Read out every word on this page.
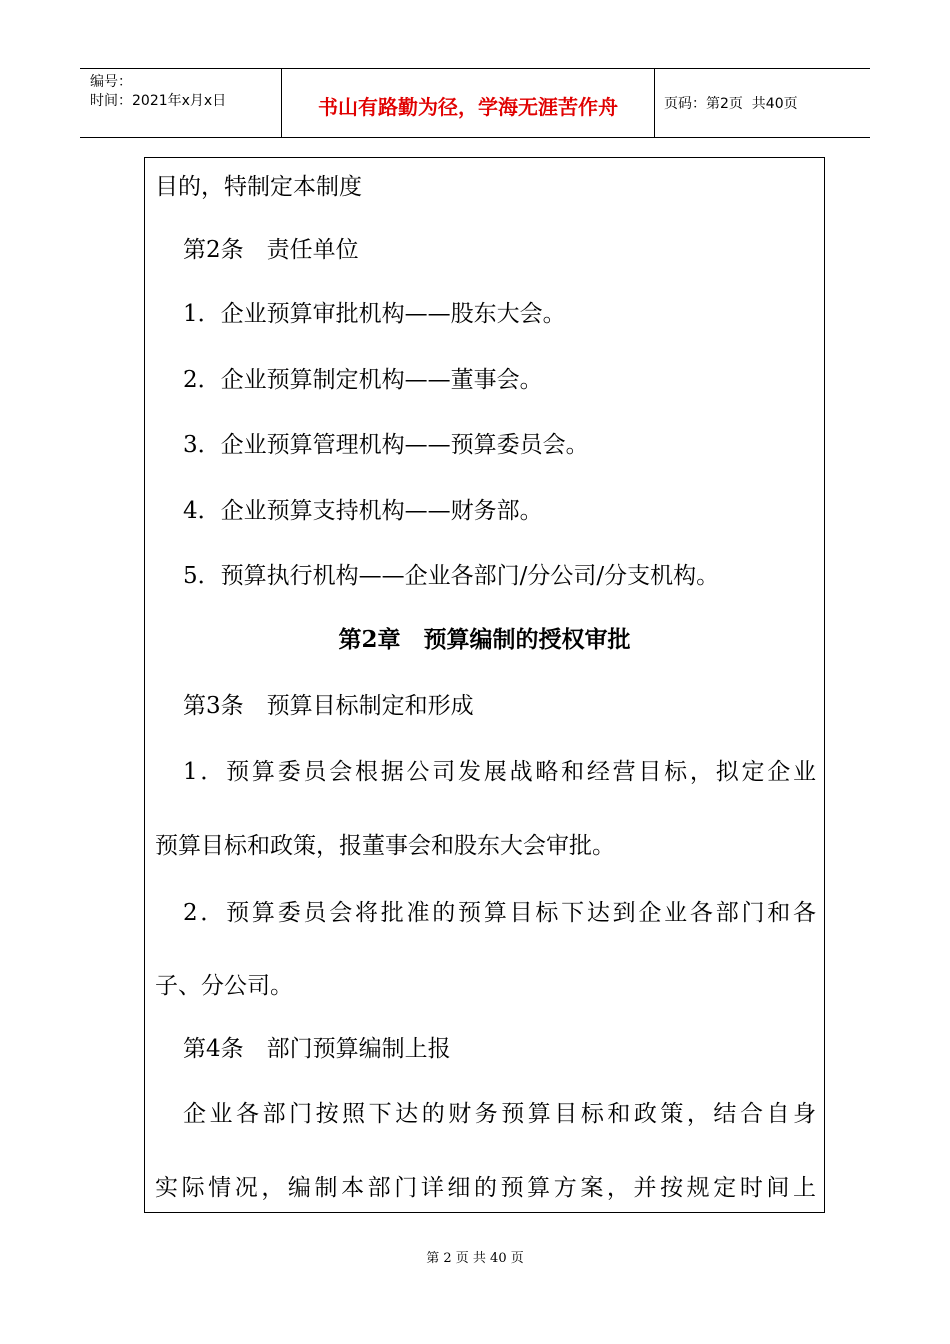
编号：
时间：2021年x月x日	书山有路勤为径，学海无涯苦作舟	页码：第2页  共40页
目的，特制定本制度
第2条　责任单位
1．企业预算审批机构——股东大会。
2．企业预算制定机构——董事会。
3．企业预算管理机构——预算委员会。
4．企业预算支持机构——财务部。
5．预算执行机构——企业各部门/分公司/分支机构。
第2章　预算编制的授权审批
第3条　预算目标制定和形成
1．预算委员会根据公司发展战略和经营目标，拟定企业
预算目标和政策，报董事会和股东大会审批。
2．预算委员会将批准的预算目标下达到企业各部门和各
子、分公司。
第4条　部门预算编制上报
企业各部门按照下达的财务预算目标和政策，结合自身
实际情况，编制本部门详细的预算方案，并按规定时间上
第 2 页 共 40 页
